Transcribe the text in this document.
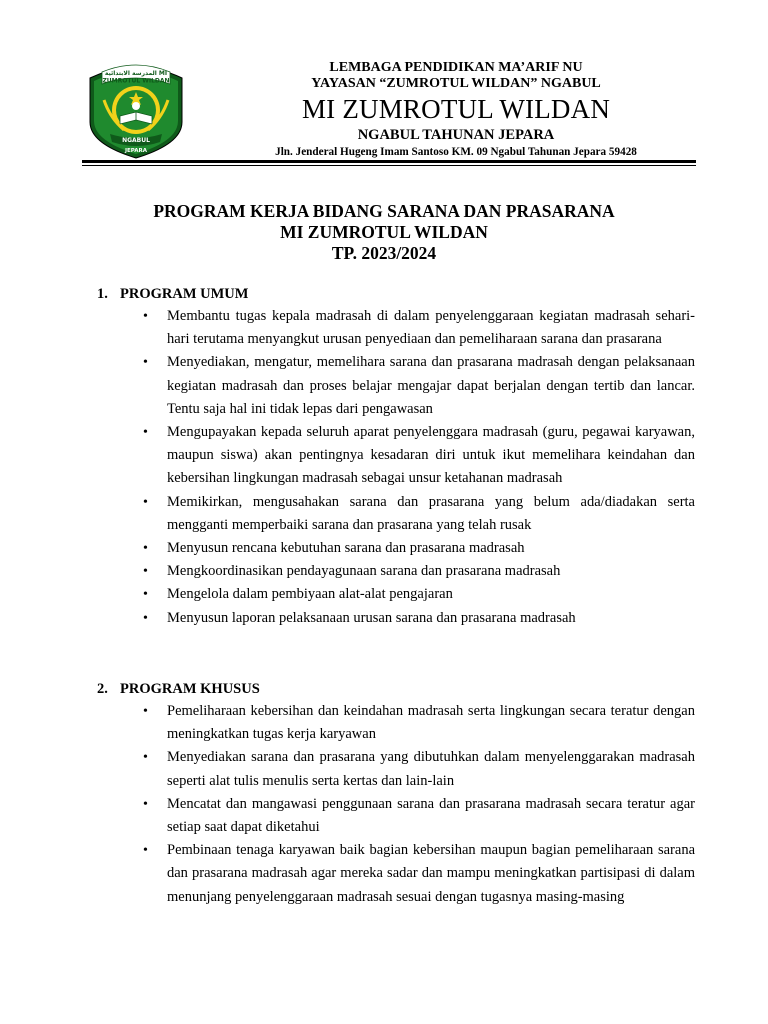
المدرسة الابتدائية MI
ZUMROTUL WILDAN
NGABUL
JEPARA
LEMBAGA PENDIDIKAN MA’ARIF NU
YAYASAN “ZUMROTUL WILDAN” NGABUL
MI ZUMROTUL WILDAN
NGABUL TAHUNAN JEPARA
Jln. Jenderal Hugeng Imam Santoso KM. 09 Ngabul Tahunan Jepara 59428
PROGRAM KERJA BIDANG SARANA DAN PRASARANA
MI ZUMROTUL WILDAN
TP. 2023/2024
1. PROGRAM UMUM
• Membantu tugas kepala madrasah di dalam penyelenggaraan kegiatan madrasah sehari-hari terutama menyangkut urusan penyediaan dan pemeliharaan sarana dan prasarana
• Menyediakan, mengatur, memelihara sarana dan prasarana madrasah dengan pelaksanaan kegiatan madrasah dan proses belajar mengajar dapat berjalan dengan tertib dan lancar. Tentu saja hal ini tidak lepas dari pengawasan
• Mengupayakan kepada seluruh aparat penyelenggara madrasah (guru, pegawai karyawan, maupun siswa) akan pentingnya kesadaran diri untuk ikut memelihara keindahan dan kebersihan lingkungan madrasah sebagai unsur ketahanan madrasah
• Memikirkan, mengusahakan sarana dan prasarana yang belum ada/diadakan serta mengganti memperbaiki sarana dan prasarana yang telah rusak
• Menyusun rencana kebutuhan sarana dan prasarana madrasah
• Mengkoordinasikan pendayagunaan sarana dan prasarana madrasah
• Mengelola dalam pembiyaan alat-alat pengajaran
• Menyusun laporan pelaksanaan urusan sarana dan prasarana madrasah
2. PROGRAM KHUSUS
• Pemeliharaan kebersihan dan keindahan madrasah serta lingkungan secara teratur dengan meningkatkan tugas kerja karyawan
• Menyediakan sarana dan prasarana yang dibutuhkan dalam menyelenggarakan madrasah seperti alat tulis menulis serta kertas dan lain-lain
• Mencatat dan mangawasi penggunaan sarana dan prasarana madrasah secara teratur agar setiap saat dapat diketahui
• Pembinaan tenaga karyawan baik bagian kebersihan maupun bagian pemeliharaan sarana dan prasarana madrasah agar mereka sadar dan mampu meningkatkan partisipasi di dalam menunjang penyelenggaraan madrasah sesuai dengan tugasnya masing-masing
